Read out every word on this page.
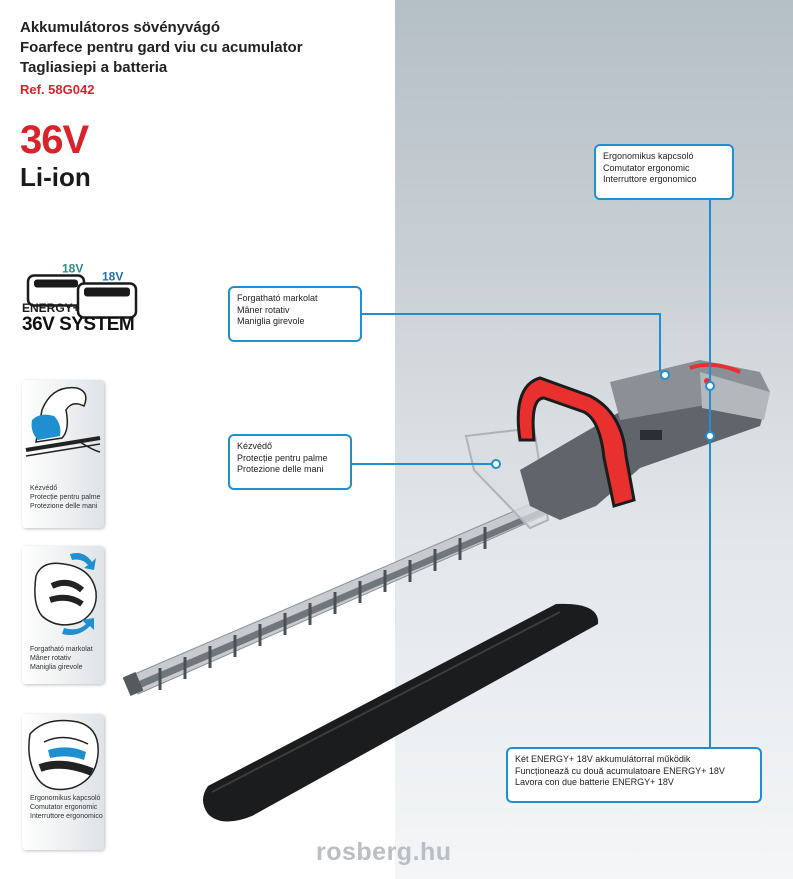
Akkumulátoros sövényvágó
Foarfece pentru gard viu cu acumulator
Tagliasiepi a batteria
Ref. 58G042
36V
Li-ion
18V
18V
ENERGY+
36V SYSTEM
Kézvédő
Protecție pentru palme
Protezione delle mani
Forgatható markolat
Mâner rotativ
Maniglia girevole
Ergonomikus kapcsoló
Comutator ergonomic
Interruttore ergonomico
Ergonomikus kapcsoló
Comutator ergonomic
Interruttore ergonomico
Forgatható markolat
Mâner rotativ
Maniglia girevole
Kézvédő
Protecție pentru palme
Protezione delle mani
Két ENERGY+ 18V akkumulátorral működik
Funcționează cu două acumulatoare ENERGY+ 18V
Lavora con due batterie ENERGY+ 18V
rosberg.hu
